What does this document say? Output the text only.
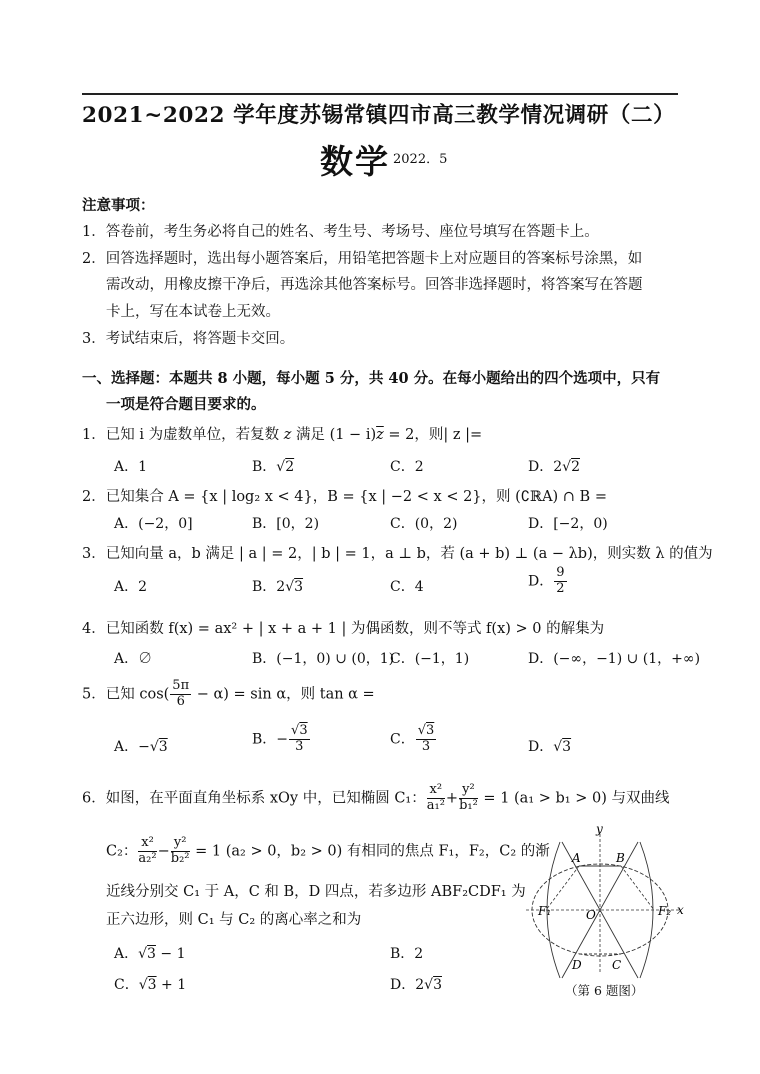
2021~2022 学年度苏锡常镇四市高三教学情况调研（二）
数学 2022．5
注意事项：
1．答卷前，考生务必将自己的姓名、考生号、考场号、座位号填写在答题卡上。
2．回答选择题时，选出每小题答案后，用铅笔把答题卡上对应题目的答案标号涂黑，如
需改动，用橡皮擦干净后，再选涂其他答案标号。回答非选择题时，将答案写在答题
卡上，写在本试卷上无效。
3．考试结束后，将答题卡交回。
一、选择题：本题共 8 小题，每小题 5 分，共 40 分。在每小题给出的四个选项中，只有
一项是符合题目要求的。
1．已知 i 为虚数单位，若复数 z 满足 $(1 - i)\overline{z} = 2$，则| z |=
A．1	B．√2	C．2	D．2√2
2．已知集合 A = {x | log₂ x < 4}，B = {x | −2 < x < 2}，则 (∁ℝA) ∩ B =
A．(−2，0]	B．[0，2)	C．(0，2)	D．[−2，0)
3．已知向量 a，b 满足 | a | = 2，| b | = 1，a ⊥ b，若 (a + b) ⊥ (a − λb)，则实数 λ 的值为
A．2	B．2√3	C．4	D． $\frac{9}{2}$
4．已知函数 f(x) = ax² + | x + a + 1 | 为偶函数，则不等式 f(x) > 0 的解集为
A．∅	B．(−1，0) ∪ (0，1)
C．(−1，1)	D．(−∞，−1) ∪ (1，+∞)
5．已知 $\cos( \frac{5\pi}{6} - \alpha) = \sin \alpha$，则 tan α =
A．−√3	B．− $\frac{√3}{3}$	C． $\frac{√3}{3}$	D．√3
6．如图，在平面直角坐标系 xOy 中，已知椭圆 C₁： $\frac{\text{x²}}{\text{a₁²}} + \frac{\text{y²}}{\text{b₁²}} = 1$ (a₁ > b₁ > 0) 与双曲线
C₂： $\frac{\text{x²}}{\text{a₂²}} - \frac{\text{y²}}{\text{b₂²}} = 1$ (a₂ > 0，b₂ > 0) 有相同的焦点 F₁，F₂，C₂ 的渐
近线分别交 C₁ 于 A，C 和 B，D 四点，若多边形 ABF₂CDF₁ 为
正六边形，则 C₁ 与 C₂ 的离心率之和为
A．√3 − 1	B．2
C．√3 + 1	D．2√3
y
x
A	B
D	C
O
F₁	F₂
（第 6 题图）
